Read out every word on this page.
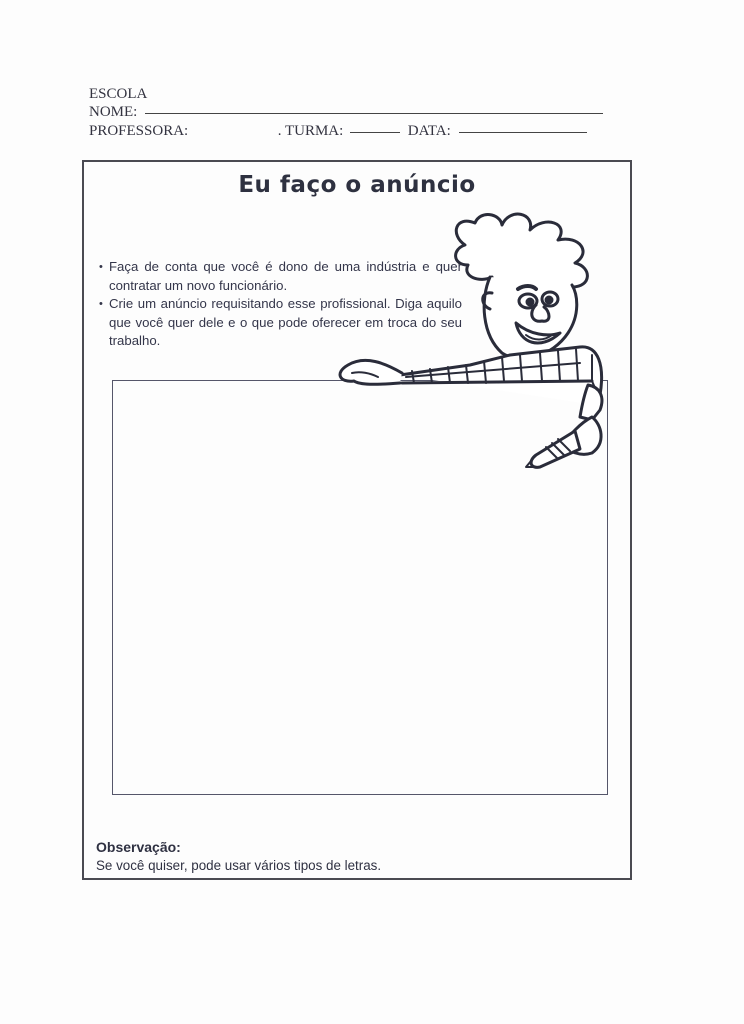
ESCOLA
NOME:
PROFESSORA:	. TURMA:	DATA:
Eu faço o anúncio
• Faça de conta que você é dono de uma indústria e quer contratar um novo funcionário.
• Crie um anúncio requisitando esse profissional. Diga aquilo que você quer dele e o que pode oferecer em troca do seu trabalho.
Observação:
Se você quiser, pode usar vários tipos de letras.
